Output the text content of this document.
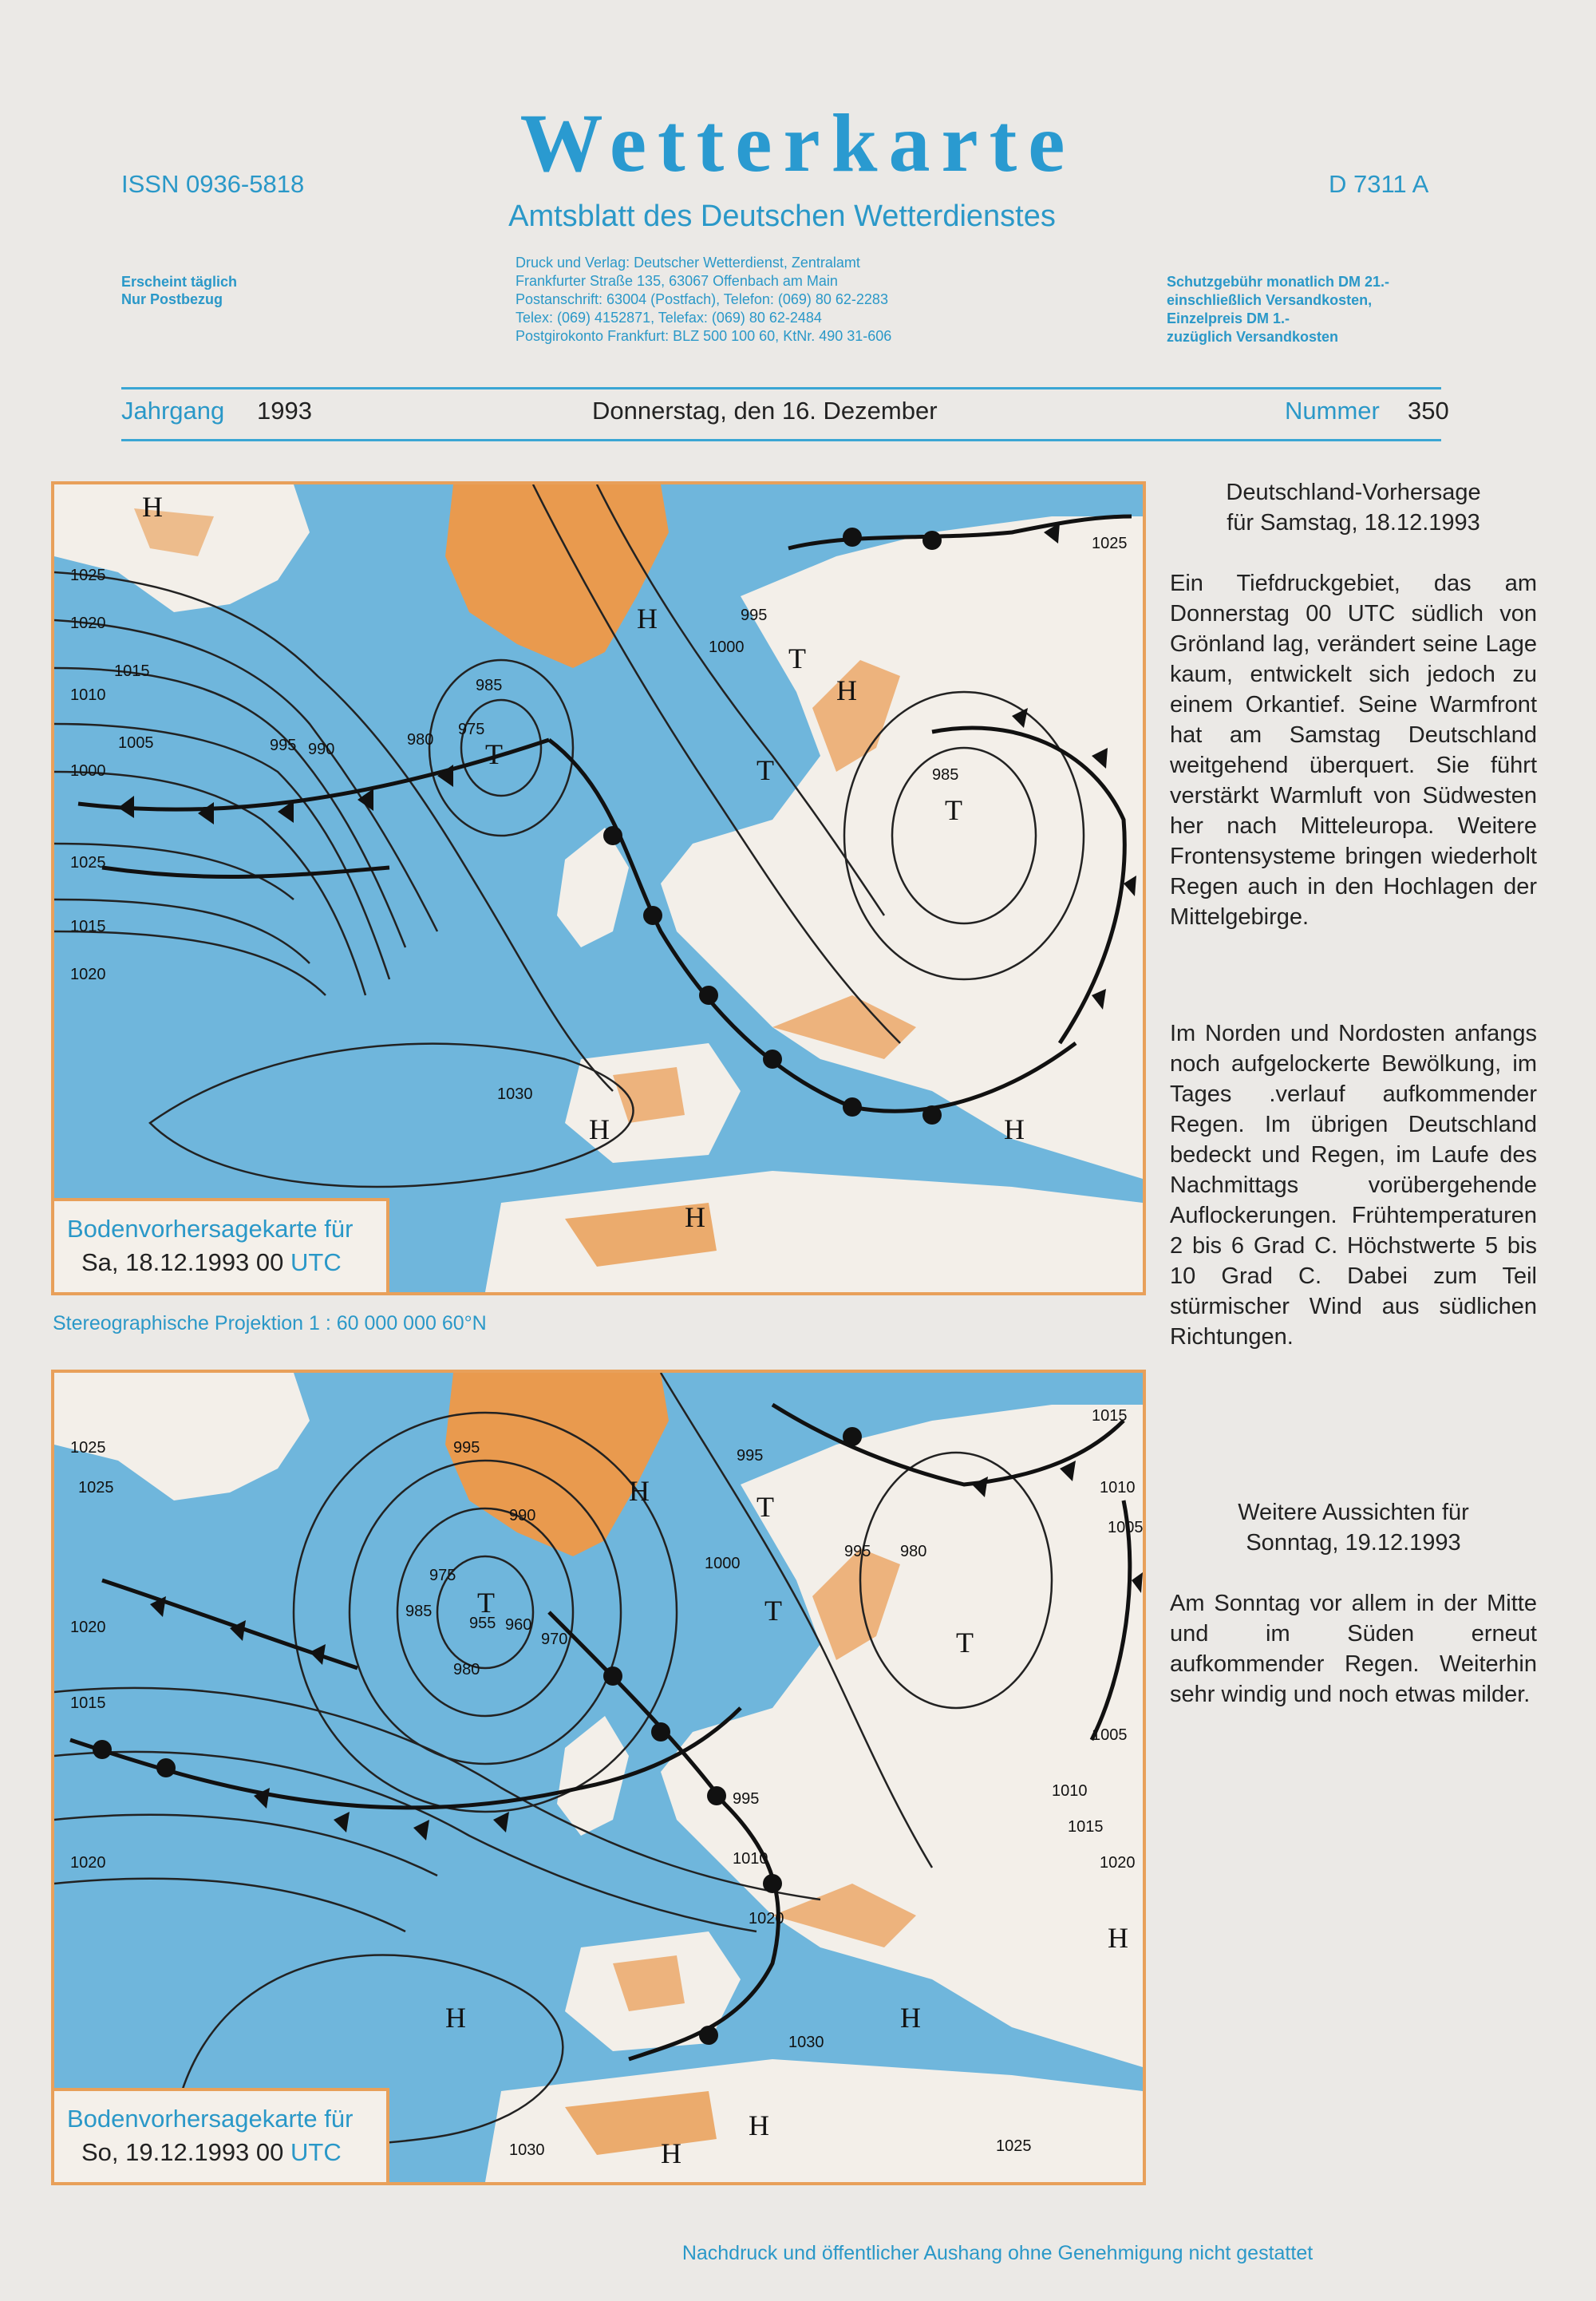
ISSN 0936-5818	Wetterkarte	D 7311 A
Amtsblatt des Deutschen Wetterdienstes
Erscheint täglich
Nur Postbezug
Druck und Verlag: Deutscher Wetterdienst, Zentralamt
Frankfurter Straße 135, 63067 Offenbach am Main
Postanschrift: 63004 (Postfach), Telefon: (069) 80 62-2283
Telex: (069) 4152871, Telefax: (069) 80 62-2484
Postgirokonto Frankfurt: BLZ 500 100 60, KtNr. 490 31-606
Schutzgebühr monatlich DM 21.-
einschließlich Versandkosten,
Einzelpreis DM 1.-
zuzüglich Versandkosten
Jahrgang 1993	Donnerstag, den 16. Dezember	Nummer 350
1025
1020
1015
1010
1005
1000
995 990
985
980
975
1030
1025
1000
995
985
1020
1015
1025
H
H
T
T
H
T
T
H
H
H
Bodenvorhersagekarte für
Sa, 18.12.1993 00 UTC
Stereographische Projektion 1 : 60 000 000 60°N
1025
1025
1020
1015
1020
995
990
975
985
955 960
970
980
995
1000
995
980
995
1010
1020
1030
1030	1025
1015
1010
1005
1010
1005
1015
1020
H
T
T
T
T
H	H
H
H
H
Bodenvorhersagekarte für
So, 19.12.1993 00 UTC
Deutschland-Vorhersage
für Samstag, 18.12.1993
Ein Tiefdruckgebiet, das am Donnerstag 00 UTC südlich von Grönland lag, verändert seine Lage kaum, entwickelt sich jedoch zu einem Orkantief. Seine Warmfront hat am Samstag Deutschland weitgehend überquert. Sie führt verstärkt Warmluft von Südwesten her nach Mitteleuropa. Weitere Frontensysteme bringen wiederholt Regen auch in den Hochlagen der Mittelgebirge.
Im Norden und Nordosten anfangs noch aufgelockerte Bewölkung, im Tages .verlauf aufkommender Regen. Im übrigen Deutschland bedeckt und Regen, im Laufe des Nachmittags vorübergehende Auflockerungen. Frühtemperaturen 2 bis 6 Grad C. Höchstwerte 5 bis 10 Grad C. Dabei zum Teil stürmischer Wind aus südlichen Richtungen.
Weitere Aussichten für
Sonntag, 19.12.1993
Am Sonntag vor allem in der Mitte und im Süden erneut aufkommender Regen. Weiterhin sehr windig und noch etwas milder.
Nachdruck und öffentlicher Aushang ohne Genehmigung nicht gestattet
